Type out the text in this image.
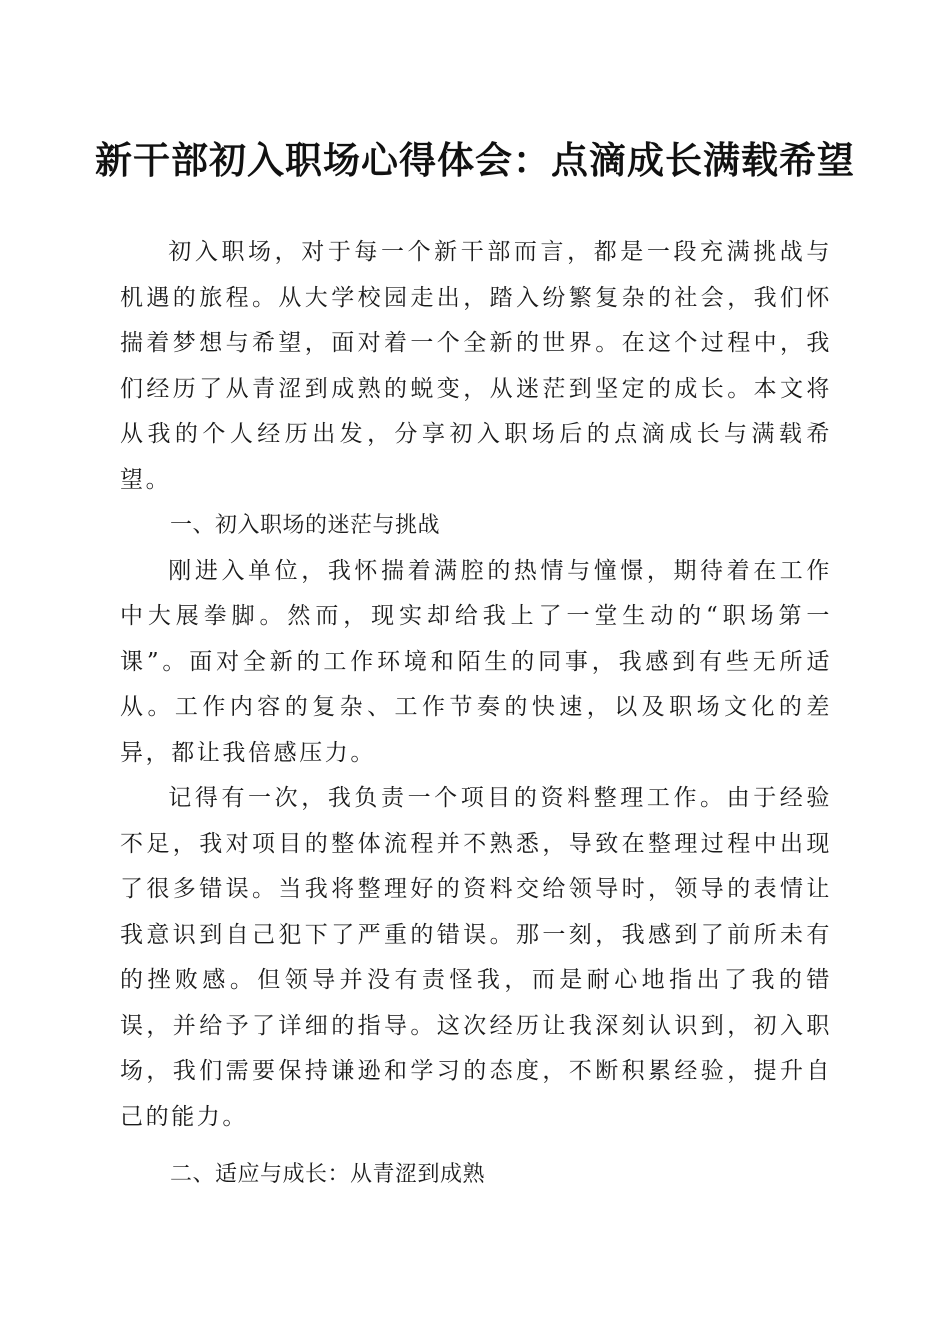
新干部初入职场心得体会：点滴成长满载希望

初入职场，对于每一个新干部而言，都是一段充满挑战与机遇的旅程。从大学校园走出，踏入纷繁复杂的社会，我们怀揣着梦想与希望，面对着一个全新的世界。在这个过程中，我们经历了从青涩到成熟的蜕变，从迷茫到坚定的成长。本文将从我的个人经历出发，分享初入职场后的点滴成长与满载希望。

一、初入职场的迷茫与挑战

刚进入单位，我怀揣着满腔的热情与憧憬，期待着在工作中大展拳脚。然而，现实却给我上了一堂生动的“职场第一课”。面对全新的工作环境和陌生的同事，我感到有些无所适从。工作内容的复杂、工作节奏的快速，以及职场文化的差异，都让我倍感压力。

记得有一次，我负责一个项目的资料整理工作。由于经验不足，我对项目的整体流程并不熟悉，导致在整理过程中出现了很多错误。当我将整理好的资料交给领导时，领导的表情让我意识到自己犯下了严重的错误。那一刻，我感到了前所未有的挫败感。但领导并没有责怪我，而是耐心地指出了我的错误，并给予了详细的指导。这次经历让我深刻认识到，初入职场，我们需要保持谦逊和学习的态度，不断积累经验，提升自己的能力。

二、适应与成长：从青涩到成熟
